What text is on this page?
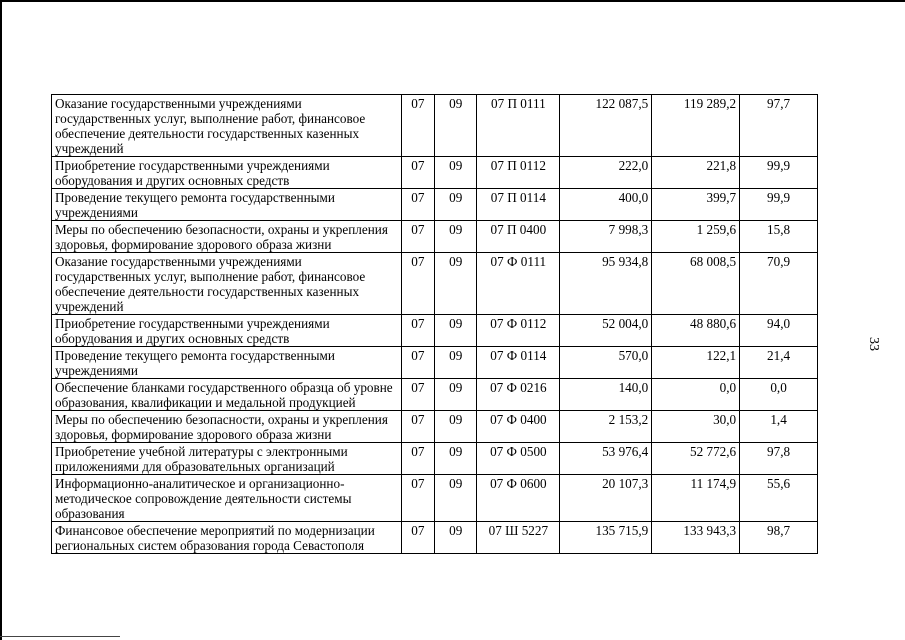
Оказание государственными учреждениями государственных услуг, выполнение работ, финансовое обеспечение деятельности государственных казенных учреждений	07	09	07 П 0111	122 087,5	119 289,2	97,7
Приобретение государственными учреждениями оборудования и других основных средств	07	09	07 П 0112	222,0	221,8	99,9
Проведение текущего ремонта государственными учреждениями	07	09	07 П 0114	400,0	399,7	99,9
Меры по обеспечению безопасности, охраны и укрепления здоровья, формирование здорового образа жизни	07	09	07 П 0400	7 998,3	1 259,6	15,8
Оказание государственными учреждениями государственных услуг, выполнение работ, финансовое обеспечение деятельности государственных казенных учреждений	07	09	07 Ф 0111	95 934,8	68 008,5	70,9
Приобретение государственными учреждениями оборудования и других основных средств	07	09	07 Ф 0112	52 004,0	48 880,6	94,0
Проведение текущего ремонта государственными учреждениями	07	09	07 Ф 0114	570,0	122,1	21,4
Обеспечение бланками государственного образца об уровне образования, квалификации и медальной продукцией	07	09	07 Ф 0216	140,0	0,0	0,0
Меры по обеспечению безопасности, охраны и укрепления здоровья, формирование здорового образа жизни	07	09	07 Ф 0400	2 153,2	30,0	1,4
Приобретение учебной литературы с электронными приложениями для образовательных организаций	07	09	07 Ф 0500	53 976,4	52 772,6	97,8
Информационно-аналитическое и организационно-методическое сопровождение деятельности системы образования	07	09	07 Ф 0600	20 107,3	11 174,9	55,6
Финансовое обеспечение мероприятий по модернизации региональных систем образования города Севастополя	07	09	07 Ш 5227	135 715,9	133 943,3	98,7
33
